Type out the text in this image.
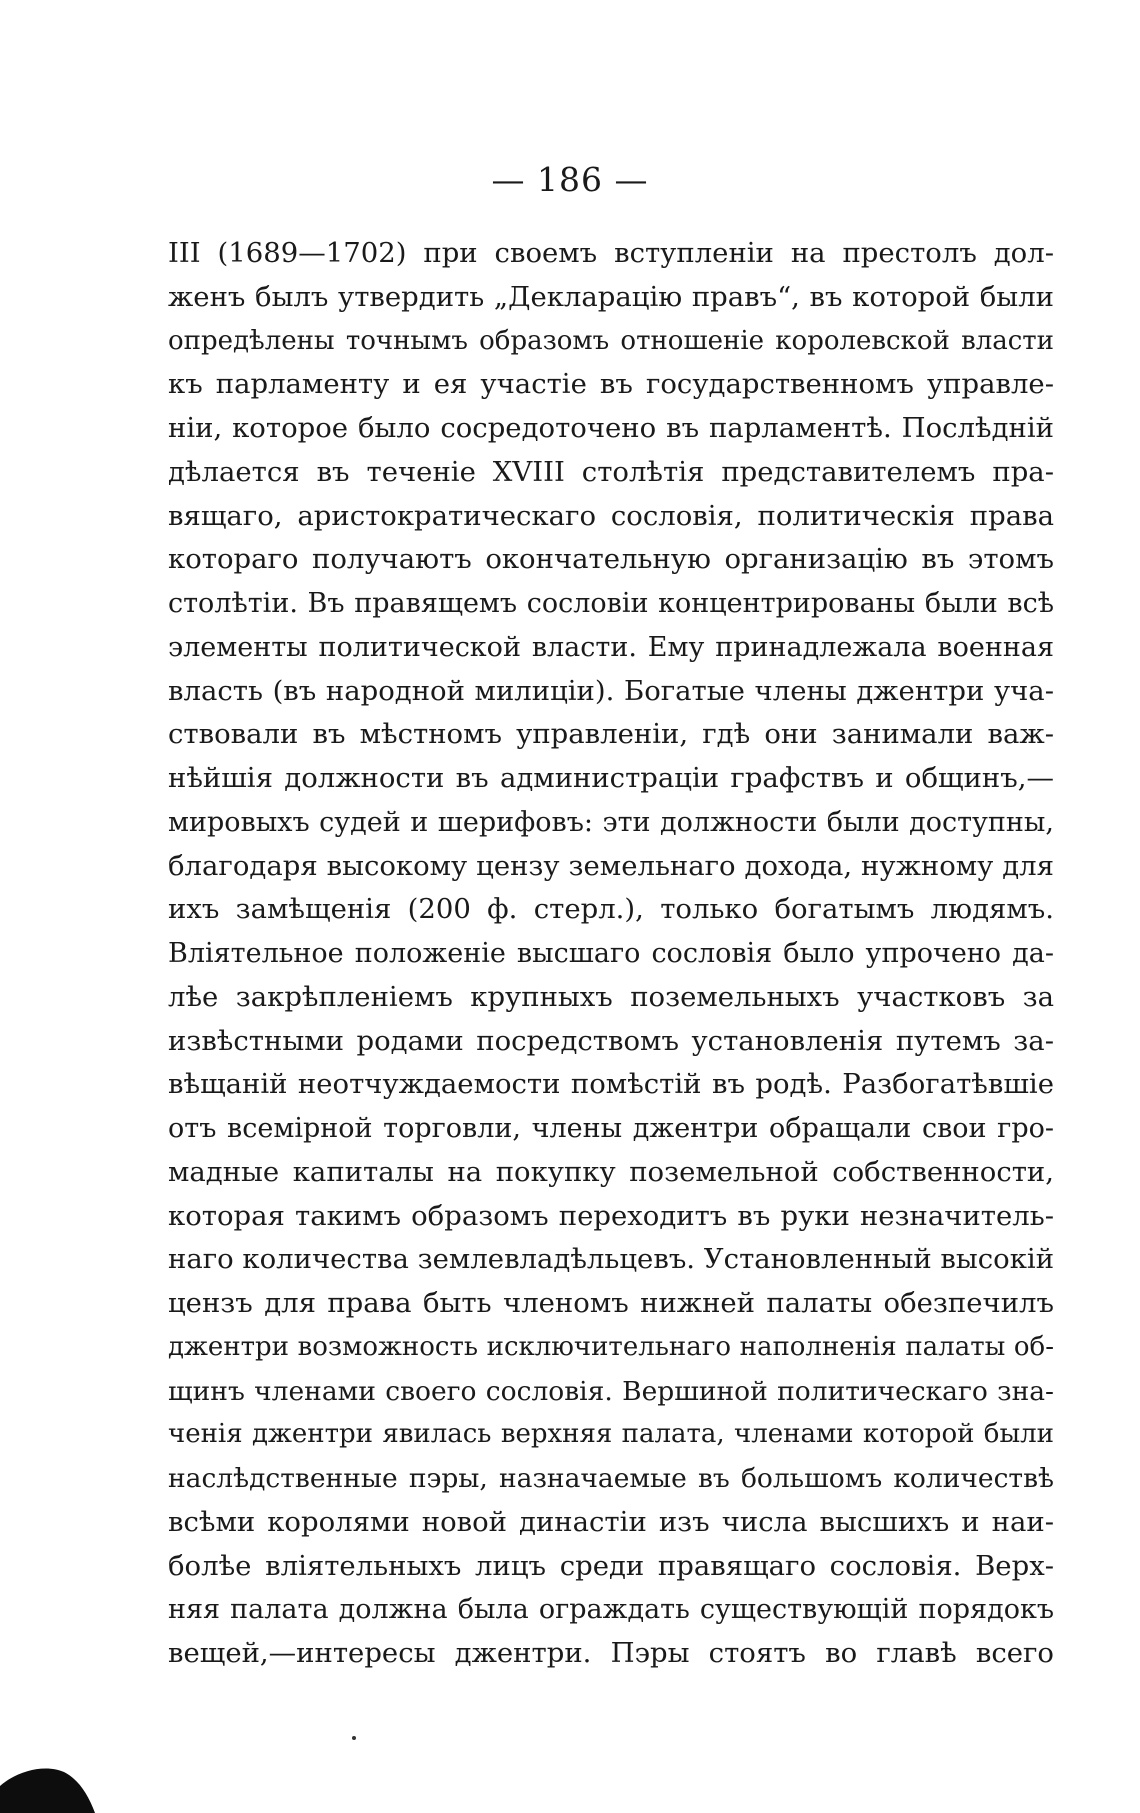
— 186 —
III (1689—1702) при своемъ вступленіи на престолъ дол-
женъ былъ утвердить „Декларацію правъ“, въ которой были
опредѣлены точнымъ образомъ отношеніе королевской власти
къ парламенту и ея участіе въ государственномъ управле-
ніи, которое было сосредоточено въ парламентѣ. Послѣдній
дѣлается въ теченіе XVIII столѣтія представителемъ пра-
вящаго, аристократическаго сословія, политическія права
котораго получаютъ окончательную организацію въ этомъ
столѣтіи. Въ правящемъ сословіи концентрированы были всѣ
элементы политической власти. Ему принадлежала военная
власть (въ народной милиціи). Богатые члены джентри уча-
ствовали въ мѣстномъ управленіи, гдѣ они занимали важ-
нѣйшія должности въ администраціи графствъ и общинъ,—
мировыхъ судей и шерифовъ: эти должности были доступны,
благодаря высокому цензу земельнаго дохода, нужному для
ихъ замѣщенія (200 ф. стерл.), только богатымъ людямъ.
Вліятельное положеніе высшаго сословія было упрочено да-
лѣе закрѣпленіемъ крупныхъ поземельныхъ участковъ за
извѣстными родами посредствомъ установленія путемъ за-
вѣщаній неотчуждаемости помѣстій въ родѣ. Разбогатѣвшіе
отъ всемірной торговли, члены джентри обращали свои гро-
мадные капиталы на покупку поземельной собственности,
которая такимъ образомъ переходитъ въ руки незначитель-
наго количества землевладѣльцевъ. Установленный высокій
цензъ для права быть членомъ нижней палаты обезпечилъ
джентри возможность исключительнаго наполненія палаты об-
щинъ членами своего сословія. Вершиной политическаго зна-
ченія джентри явилась верхняя палата, членами которой были
наслѣдственные пэры, назначаемые въ большомъ количествѣ
всѣми королями новой династіи изъ числа высшихъ и наи-
болѣе вліятельныхъ лицъ среди правящаго сословія. Верх-
няя палата должна была ограждать существующій порядокъ
вещей,—интересы джентри. Пэры стоятъ во главѣ всего
